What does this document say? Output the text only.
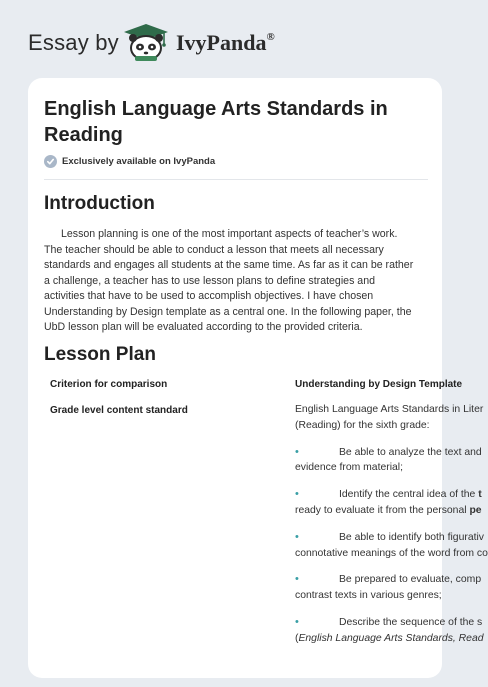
Essay by	IvyPanda®
English Language Arts Standards in Reading
Exclusively available on IvyPanda
Introduction

Lesson planning is one of the most important aspects of teacher’s work. The teacher should be able to conduct a lesson that meets all necessary standards and engages all students at the same time. As far as it can be rather a challenge, a teacher has to use lesson plans to define strategies and activities that have to be used to accomplish objectives. I have chosen Understanding by Design template as a central one. In the following paper, the UbD lesson plan will be evaluated according to the provided criteria.

Lesson Plan
Criterion for comparison	Understanding by Design Template
Grade level content standard	English Language Arts Standards in Liter
(Reading) for the sixth grade:

•	Be able to analyze the text and
evidence from material;
•	Identify the central idea of the t
ready to evaluate it from the personal pe
•	Be able to identify both figurativ
connotative meanings of the word from co
•	Be prepared to evaluate, comp
contrast texts in various genres;
•	Describe the sequence of the s
(English Language Arts Standards, Read
